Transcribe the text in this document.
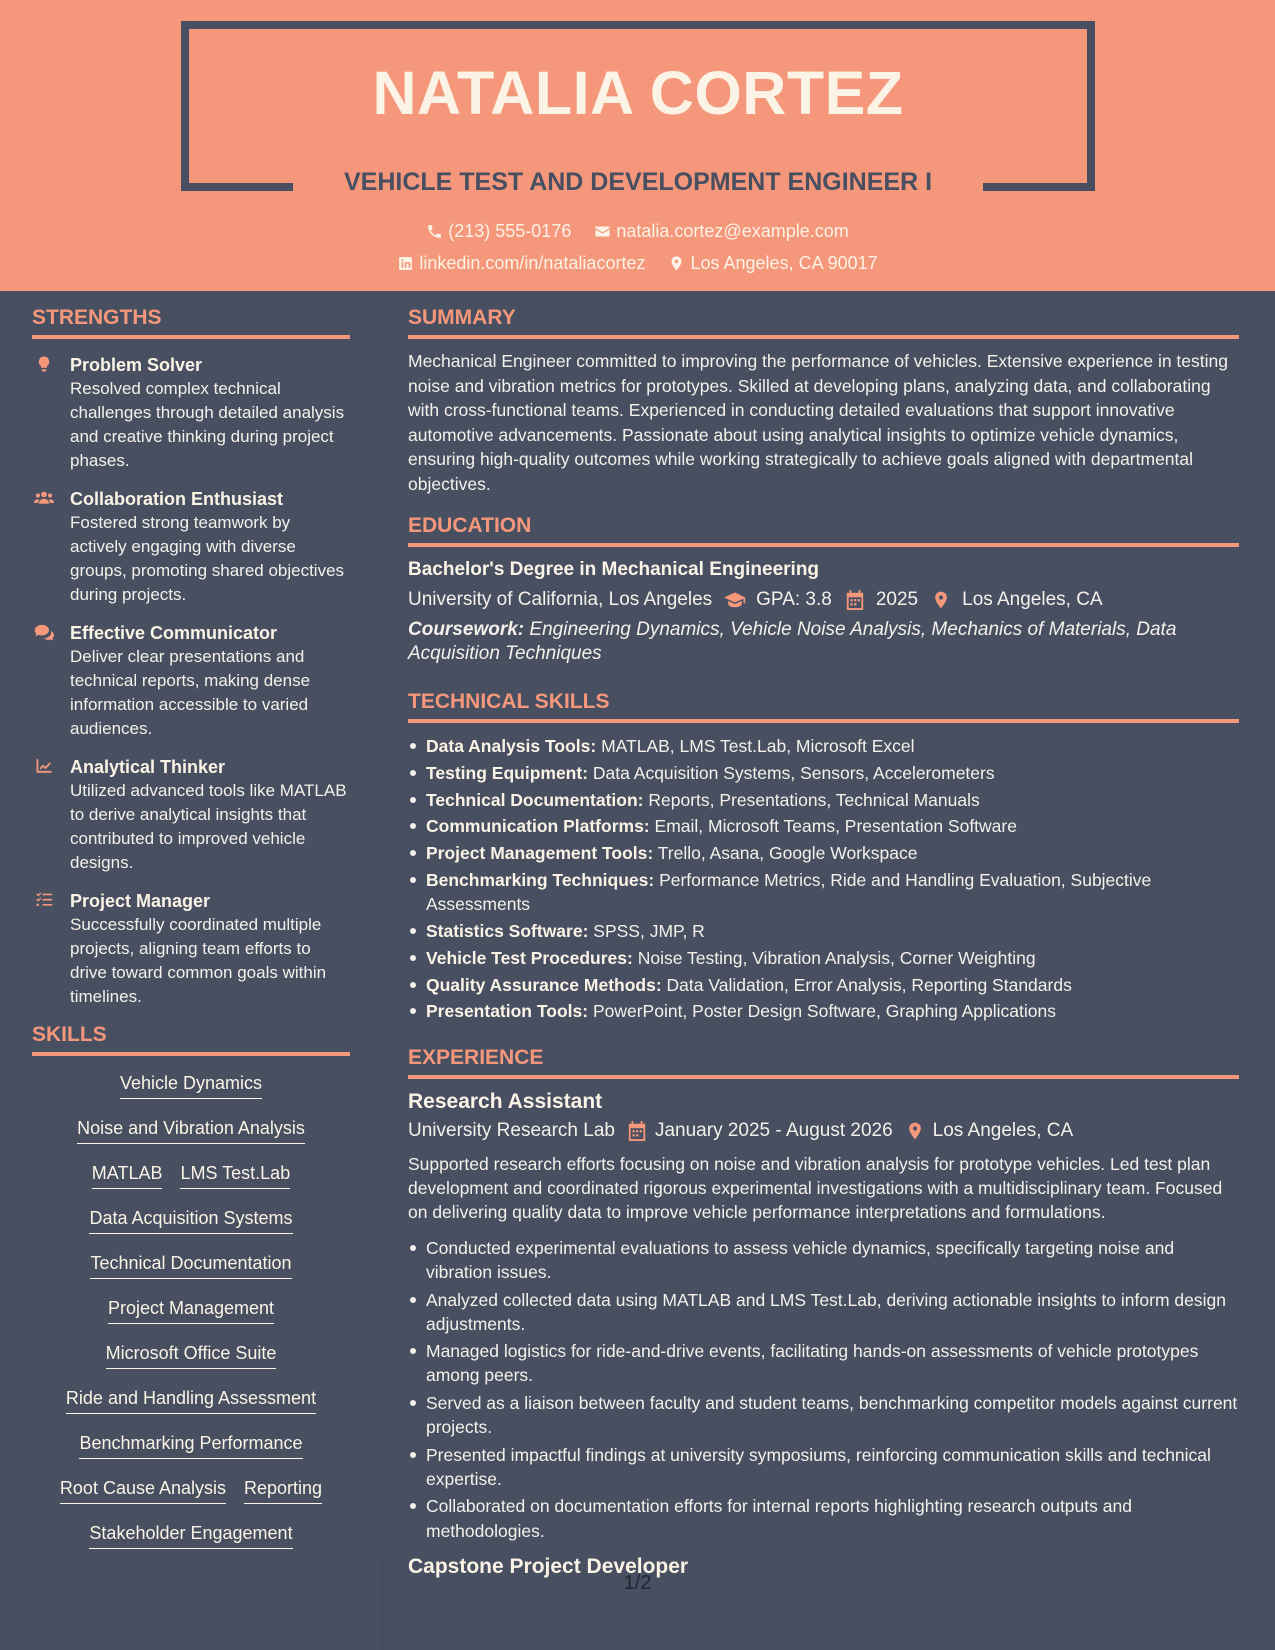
NATALIA CORTEZ
VEHICLE TEST AND DEVELOPMENT ENGINEER I
(213) 555-0176
	natalia.cortez@example.com
linkedin.com/in/nataliacortez
	Los Angeles, CA 90017
STRENGTHS
Problem Solver

Resolved complex technical challenges through detailed analysis and creative thinking during project phases.

Collaboration Enthusiast

Fostered strong teamwork by actively engaging with diverse groups, promoting shared objectives during projects.

Effective Communicator

Deliver clear presentations and technical reports, making dense information accessible to varied audiences.

Analytical Thinker

Utilized advanced tools like MATLAB to derive analytical insights that contributed to improved vehicle designs.

Project Manager

Successfully coordinated multiple projects, aligning team efforts to drive toward common goals within timelines.

SKILLS
Vehicle Dynamics
Noise and Vibration Analysis
MATLAB LMS Test.Lab
Data Acquisition Systems
Technical Documentation
Project Management
Microsoft Office Suite
Ride and Handling Assessment
Benchmarking Performance
Root Cause Analysis Reporting
Stakeholder Engagement
SUMMARY

Mechanical Engineer committed to improving the performance of vehicles. Extensive experience in testing noise and vibration metrics for prototypes. Skilled at developing plans, analyzing data, and collaborating with cross-functional teams. Experienced in conducting detailed evaluations that support innovative automotive advancements. Passionate about using analytical insights to optimize vehicle dynamics, ensuring high-quality outcomes while working strategically to achieve goals aligned with departmental objectives.

EDUCATION
Bachelor's Degree in Mechanical Engineering
University of California, Los Angeles GPA: 3.8 2025 Los Angeles, CA
Coursework: Engineering Dynamics, Vehicle Noise Analysis, Mechanics of Materials, Data Acquisition Techniques
TECHNICAL SKILLS
Data Analysis Tools: MATLAB, LMS Test.Lab, Microsoft Excel
Testing Equipment: Data Acquisition Systems, Sensors, Accelerometers
Technical Documentation: Reports, Presentations, Technical Manuals
Communication Platforms: Email, Microsoft Teams, Presentation Software
Project Management Tools: Trello, Asana, Google Workspace
Benchmarking Techniques: Performance Metrics, Ride and Handling Evaluation, Subjective Assessments
Statistics Software: SPSS, JMP, R
Vehicle Test Procedures: Noise Testing, Vibration Analysis, Corner Weighting
Quality Assurance Methods: Data Validation, Error Analysis, Reporting Standards
Presentation Tools: PowerPoint, Poster Design Software, Graphing Applications
EXPERIENCE
Research Assistant
University Research Lab January 2025 - August 2026 Los Angeles, CA

Supported research efforts focusing on noise and vibration analysis for prototype vehicles. Led test plan development and coordinated rigorous experimental investigations with a multidisciplinary team. Focused on delivering quality data to improve vehicle performance interpretations and formulations.

Conducted experimental evaluations to assess vehicle dynamics, specifically targeting noise and vibration issues.
Analyzed collected data using MATLAB and LMS Test.Lab, deriving actionable insights to inform design adjustments.
Managed logistics for ride-and-drive events, facilitating hands-on assessments of vehicle prototypes among peers.
Served as a liaison between faculty and student teams, benchmarking competitor models against current projects.
Presented impactful findings at university symposiums, reinforcing communication skills and technical expertise.
Collaborated on documentation efforts for internal reports highlighting research outputs and methodologies.
Capstone Project Developer
1/2
